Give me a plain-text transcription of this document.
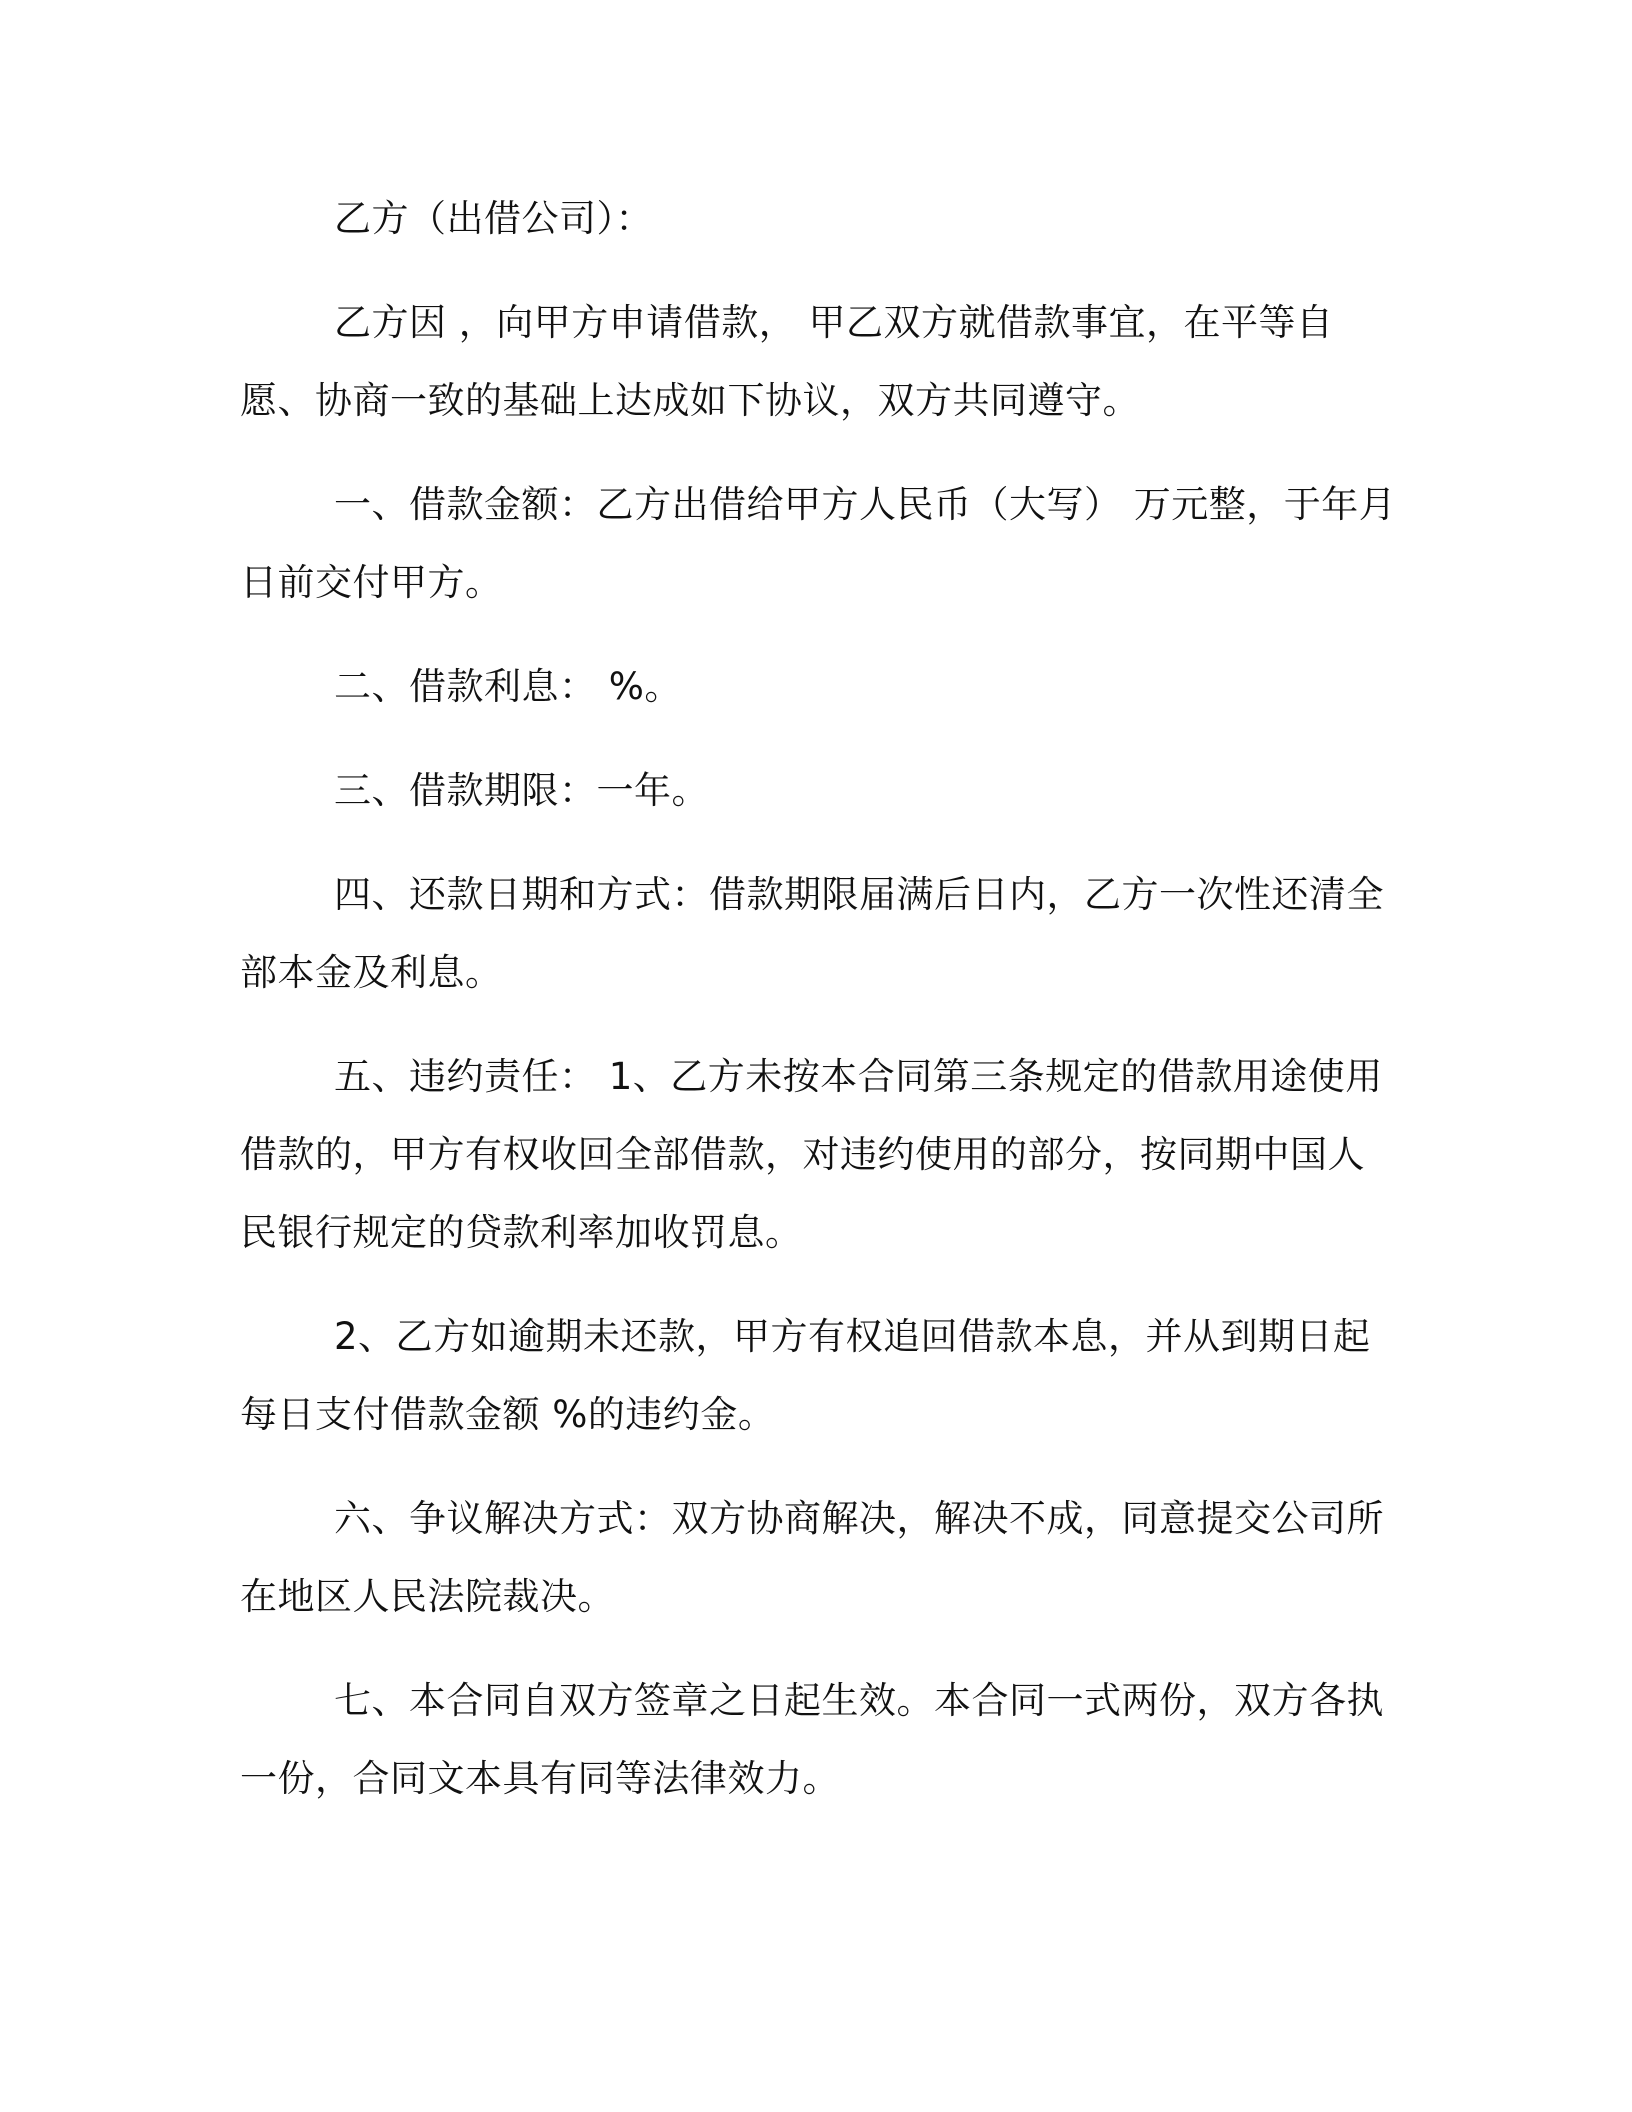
乙方（出借公司）：

乙方因 ，向甲方申请借款， 甲乙双方就借款事宜，在平等自愿、协商一致的基础上达成如下协议，双方共同遵守。

一、借款金额：乙方出借给甲方人民币（大写） 万元整，于年月日前交付甲方。

二、借款利息： %。

三、借款期限：一年。

四、还款日期和方式：借款期限届满后日内，乙方一次性还清全部本金及利息。

五、违约责任： 1、乙方未按本合同第三条规定的借款用途使用借款的，甲方有权收回全部借款，对违约使用的部分，按同期中国人民银行规定的贷款利率加收罚息。

2、乙方如逾期未还款，甲方有权追回借款本息，并从到期日起每日支付借款金额 %的违约金。

六、争议解决方式：双方协商解决，解决不成，同意提交公司所在地区人民法院裁决。

七、本合同自双方签章之日起生效。本合同一式两份，双方各执一份，合同文本具有同等法律效力。
